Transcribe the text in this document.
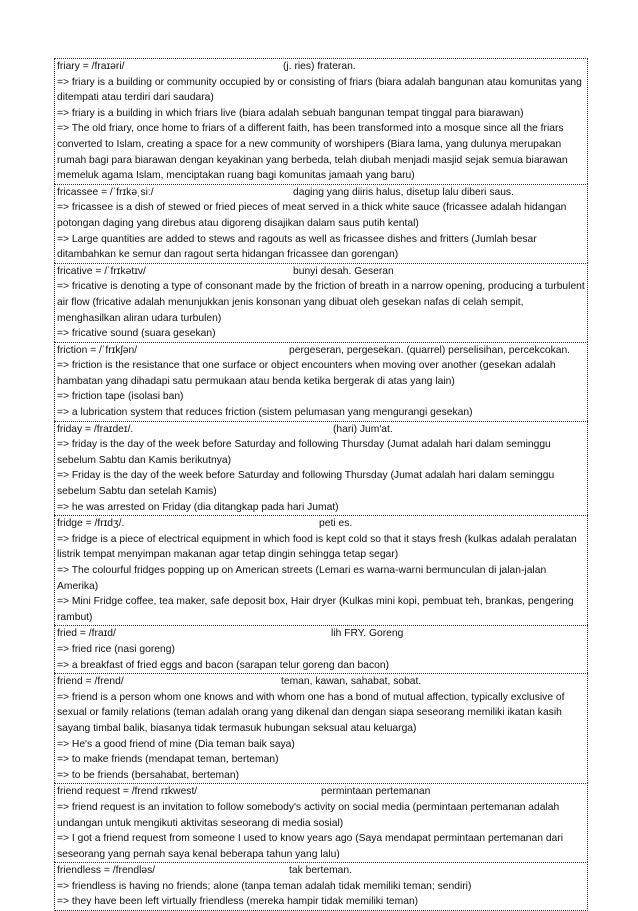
friary = /fraɪəri/	(j. ries) frateran.

=> friary is a building or community occupied by or consisting of friars (biara adalah bangunan atau komunitas yang ditempati atau terdiri dari saudara)

=> friary is a building in which friars live (biara adalah sebuah bangunan tempat tinggal para biarawan)

=> The old friary, once home to friars of a different faith, has been transformed into a mosque since all the friars converted to Islam, creating a space for a new community of worshipers (Biara lama, yang dulunya merupakan rumah bagi para biarawan dengan keyakinan yang berbeda, telah diubah menjadi masjid sejak semua biarawan memeluk agama Islam, menciptakan ruang bagi komunitas jamaah yang baru)

fricassee = /ˈfrɪkəˌsiː/	daging yang diiris halus, disetup lalu diberi saus.

=> fricassee is a dish of stewed or fried pieces of meat served in a thick white sauce (fricassee adalah hidangan potongan daging yang direbus atau digoreng disajikan dalam saus putih kental)

=> Large quantities are added to stews and ragouts as well as fricassee dishes and fritters (Jumlah besar ditambahkan ke semur dan ragout serta hidangan fricassee dan gorengan)

fricative = /ˈfrɪkətɪv/	bunyi desah. Geseran

=> fricative is denoting a type of consonant made by the friction of breath in a narrow opening, producing a turbulent air flow (fricative adalah menunjukkan jenis konsonan yang dibuat oleh gesekan nafas di celah sempit, menghasilkan aliran udara turbulen)

=> fricative sound (suara gesekan)

friction = /ˈfrɪkʃən/	pergeseran, pergesekan. (quarrel) perselisihan, percekcokan.

=> friction is the resistance that one surface or object encounters when moving over another (gesekan adalah hambatan yang dihadapi satu permukaan atau benda ketika bergerak di atas yang lain)

=> friction tape (isolasi ban)

=> a lubrication system that reduces friction (sistem pelumasan yang mengurangi gesekan)

friday = /fraɪdeɪ/.	(hari) Jum'at.

=> friday is the day of the week before Saturday and following Thursday (Jumat adalah hari dalam seminggu sebelum Sabtu dan Kamis berikutnya)

=> Friday is the day of the week before Saturday and following Thursday (Jumat adalah hari dalam seminggu sebelum Sabtu dan setelah Kamis)

=> he was arrested on Friday (dia ditangkap pada hari Jumat)

fridge = /frɪdʒ/.	peti es.

=> fridge is a piece of electrical equipment in which food is kept cold so that it stays fresh (kulkas adalah peralatan listrik tempat menyimpan makanan agar tetap dingin sehingga tetap segar)

=> The colourful fridges popping up on American streets (Lemari es warna-warni bermunculan di jalan-jalan Amerika)

=> Mini Fridge coffee, tea maker, safe deposit box, Hair dryer (Kulkas mini kopi, pembuat teh, brankas, pengering rambut)

fried = /fraɪd/	lih FRY. Goreng

=> fried rice (nasi goreng)

=> a breakfast of fried eggs and bacon (sarapan telur goreng dan bacon)

friend = /frend/	teman, kawan, sahabat, sobat.

=> friend is a person whom one knows and with whom one has a bond of mutual affection, typically exclusive of sexual or family relations (teman adalah orang yang dikenal dan dengan siapa seseorang memiliki ikatan kasih sayang timbal balik, biasanya tidak termasuk hubungan seksual atau keluarga)

=> He's a good friend of mine (Dia teman baik saya)

=> to make friends (mendapat teman, berteman)

=> to be friends (bersahabat, berteman)

friend request = /frend rɪkwest/	permintaan pertemanan

=> friend request is an invitation to follow somebody's activity on social media (permintaan pertemanan adalah undangan untuk mengikuti aktivitas seseorang di media sosial)

=> I got a friend request from someone I used to know years ago (Saya mendapat permintaan pertemanan dari seseorang yang pernah saya kenal beberapa tahun yang lalu)

friendless = /frendləs/	tak berteman.

=> friendless is having no friends; alone (tanpa teman adalah tidak memiliki teman; sendiri)

=> they have been left virtually friendless (mereka hampir tidak memiliki teman)
